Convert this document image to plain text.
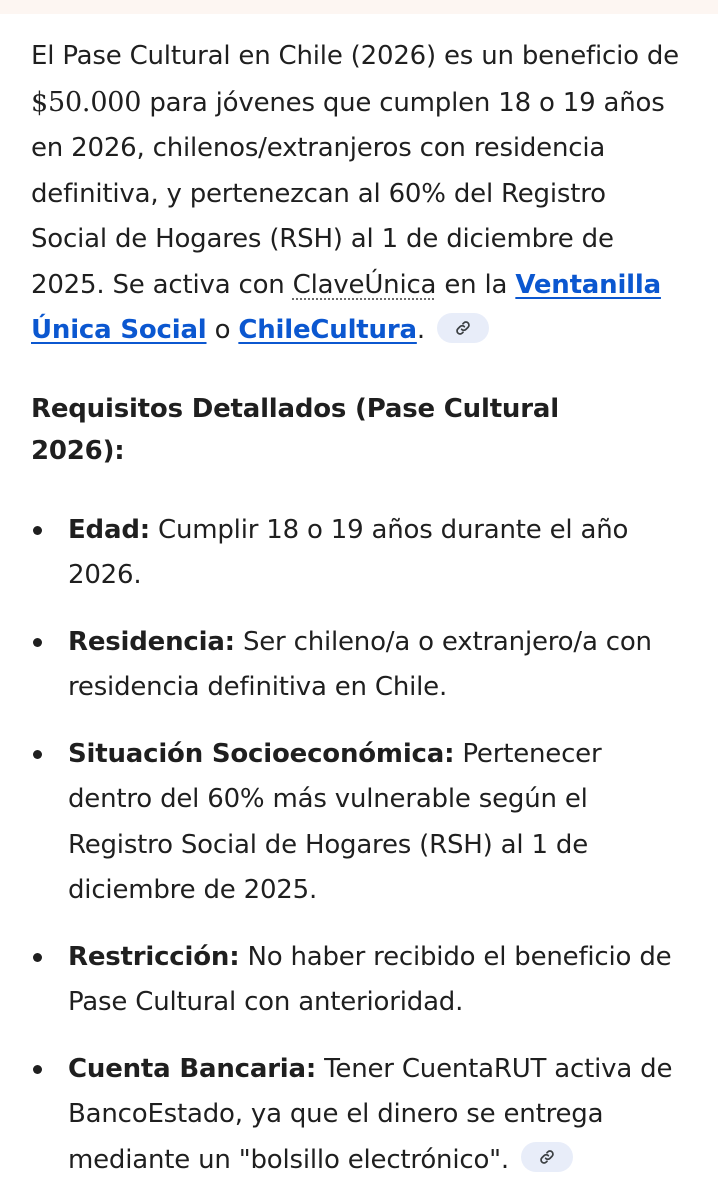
El Pase Cultural en Chile (2026) es un beneficio de $50.000 para jóvenes que cumplen 18 o 19 años en 2026, chilenos/extranjeros con residencia definitiva, y pertenezcan al 60% del Registro Social de Hogares (RSH) al 1 de diciembre de 2025. Se activa con ClaveÚnica en la Ventanilla Única Social o ChileCultura.

Requisitos Detallados (Pase Cultural 2026):
Edad: Cumplir 18 o 19 años durante el año 2026.
Residencia: Ser chileno/a o extranjero/a con residencia definitiva en Chile.
Situación Socioeconómica: Pertenecer dentro del 60% más vulnerable según el Registro Social de Hogares (RSH) al 1 de diciembre de 2025.
Restricción: No haber recibido el beneficio de Pase Cultural con anterioridad.
Cuenta Bancaria: Tener CuentaRUT activa de BancoEstado, ya que el dinero se entrega mediante un "bolsillo electrónico".
